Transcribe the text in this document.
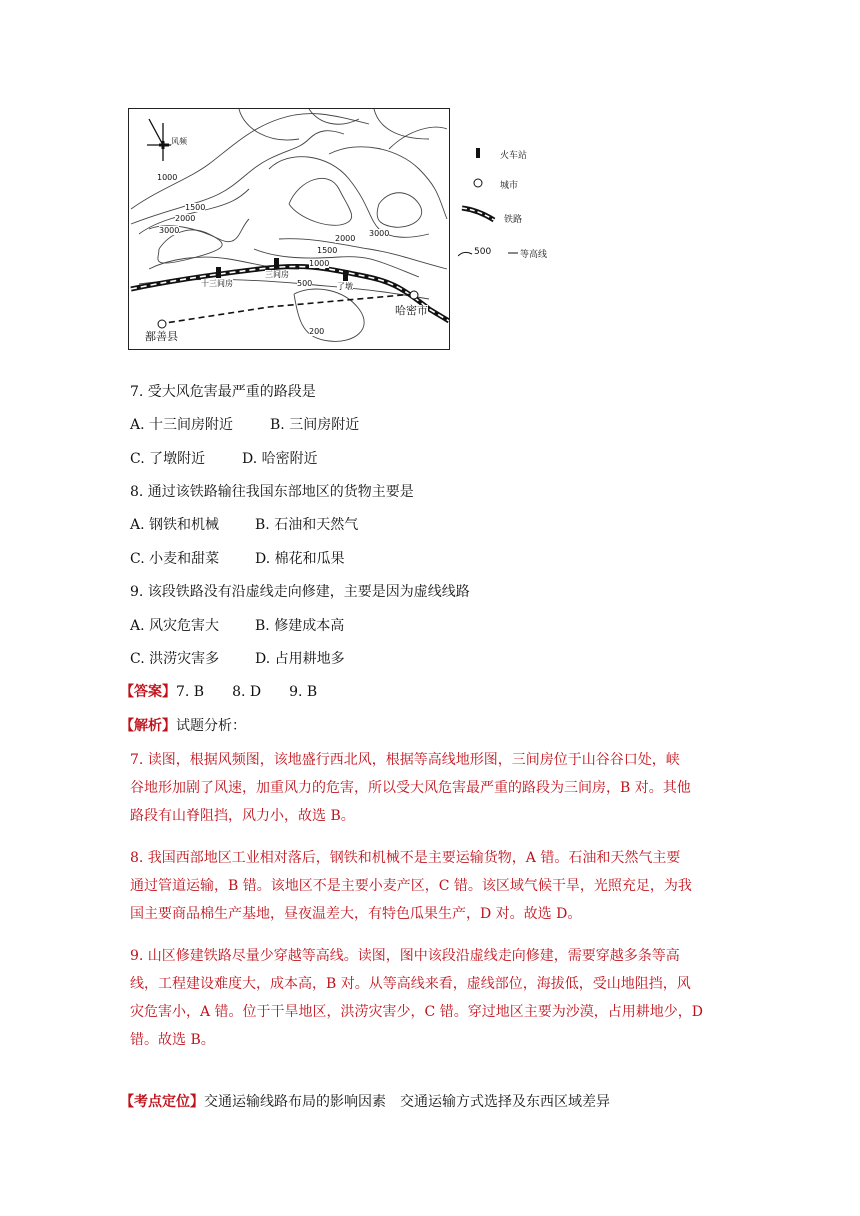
风频
1000
1500
2000
3000
2000
3000
1500
1000
500
200
十三间房
三间房
了墩
哈密市
鄯善县
火车站
城市
铁路
500	等高线
7. 受大风危害最严重的路段是
A. 十三间房附近	B. 三间房附近
C. 了墩附近	D. 哈密附近
8. 通过该铁路输往我国东部地区的货物主要是
A. 钢铁和机械	B. 石油和天然气
C. 小麦和甜菜	D. 棉花和瓜果
9. 该段铁路没有沿虚线走向修建，主要是因为虚线线路
A. 风灾危害大	B. 修建成本高
C. 洪涝灾害多	D. 占用耕地多
【答案】7. B　　8. D　　9. B
【解析】试题分析：
7. 读图，根据风频图，该地盛行西北风，根据等高线地形图，三间房位于山谷谷口处，峡
谷地形加剧了风速，加重风力的危害，所以受大风危害最严重的路段为三间房，B 对。其他
路段有山脊阻挡，风力小，故选 B。
8. 我国西部地区工业相对落后，钢铁和机械不是主要运输货物，A 错。石油和天然气主要
通过管道运输，B 错。该地区不是主要小麦产区，C 错。该区域气候干旱，光照充足，为我
国主要商品棉生产基地，昼夜温差大，有特色瓜果生产，D 对。故选 D。
9. 山区修建铁路尽量少穿越等高线。读图，图中该段沿虚线走向修建，需要穿越多条等高
线，工程建设难度大，成本高，B 对。从等高线来看，虚线部位，海拔低，受山地阻挡，风
灾危害小，A 错。位于干旱地区，洪涝灾害少，C 错。穿过地区主要为沙漠，占用耕地少，D
错。故选 B。
【考点定位】交通运输线路布局的影响因素　交通运输方式选择及东西区域差异
